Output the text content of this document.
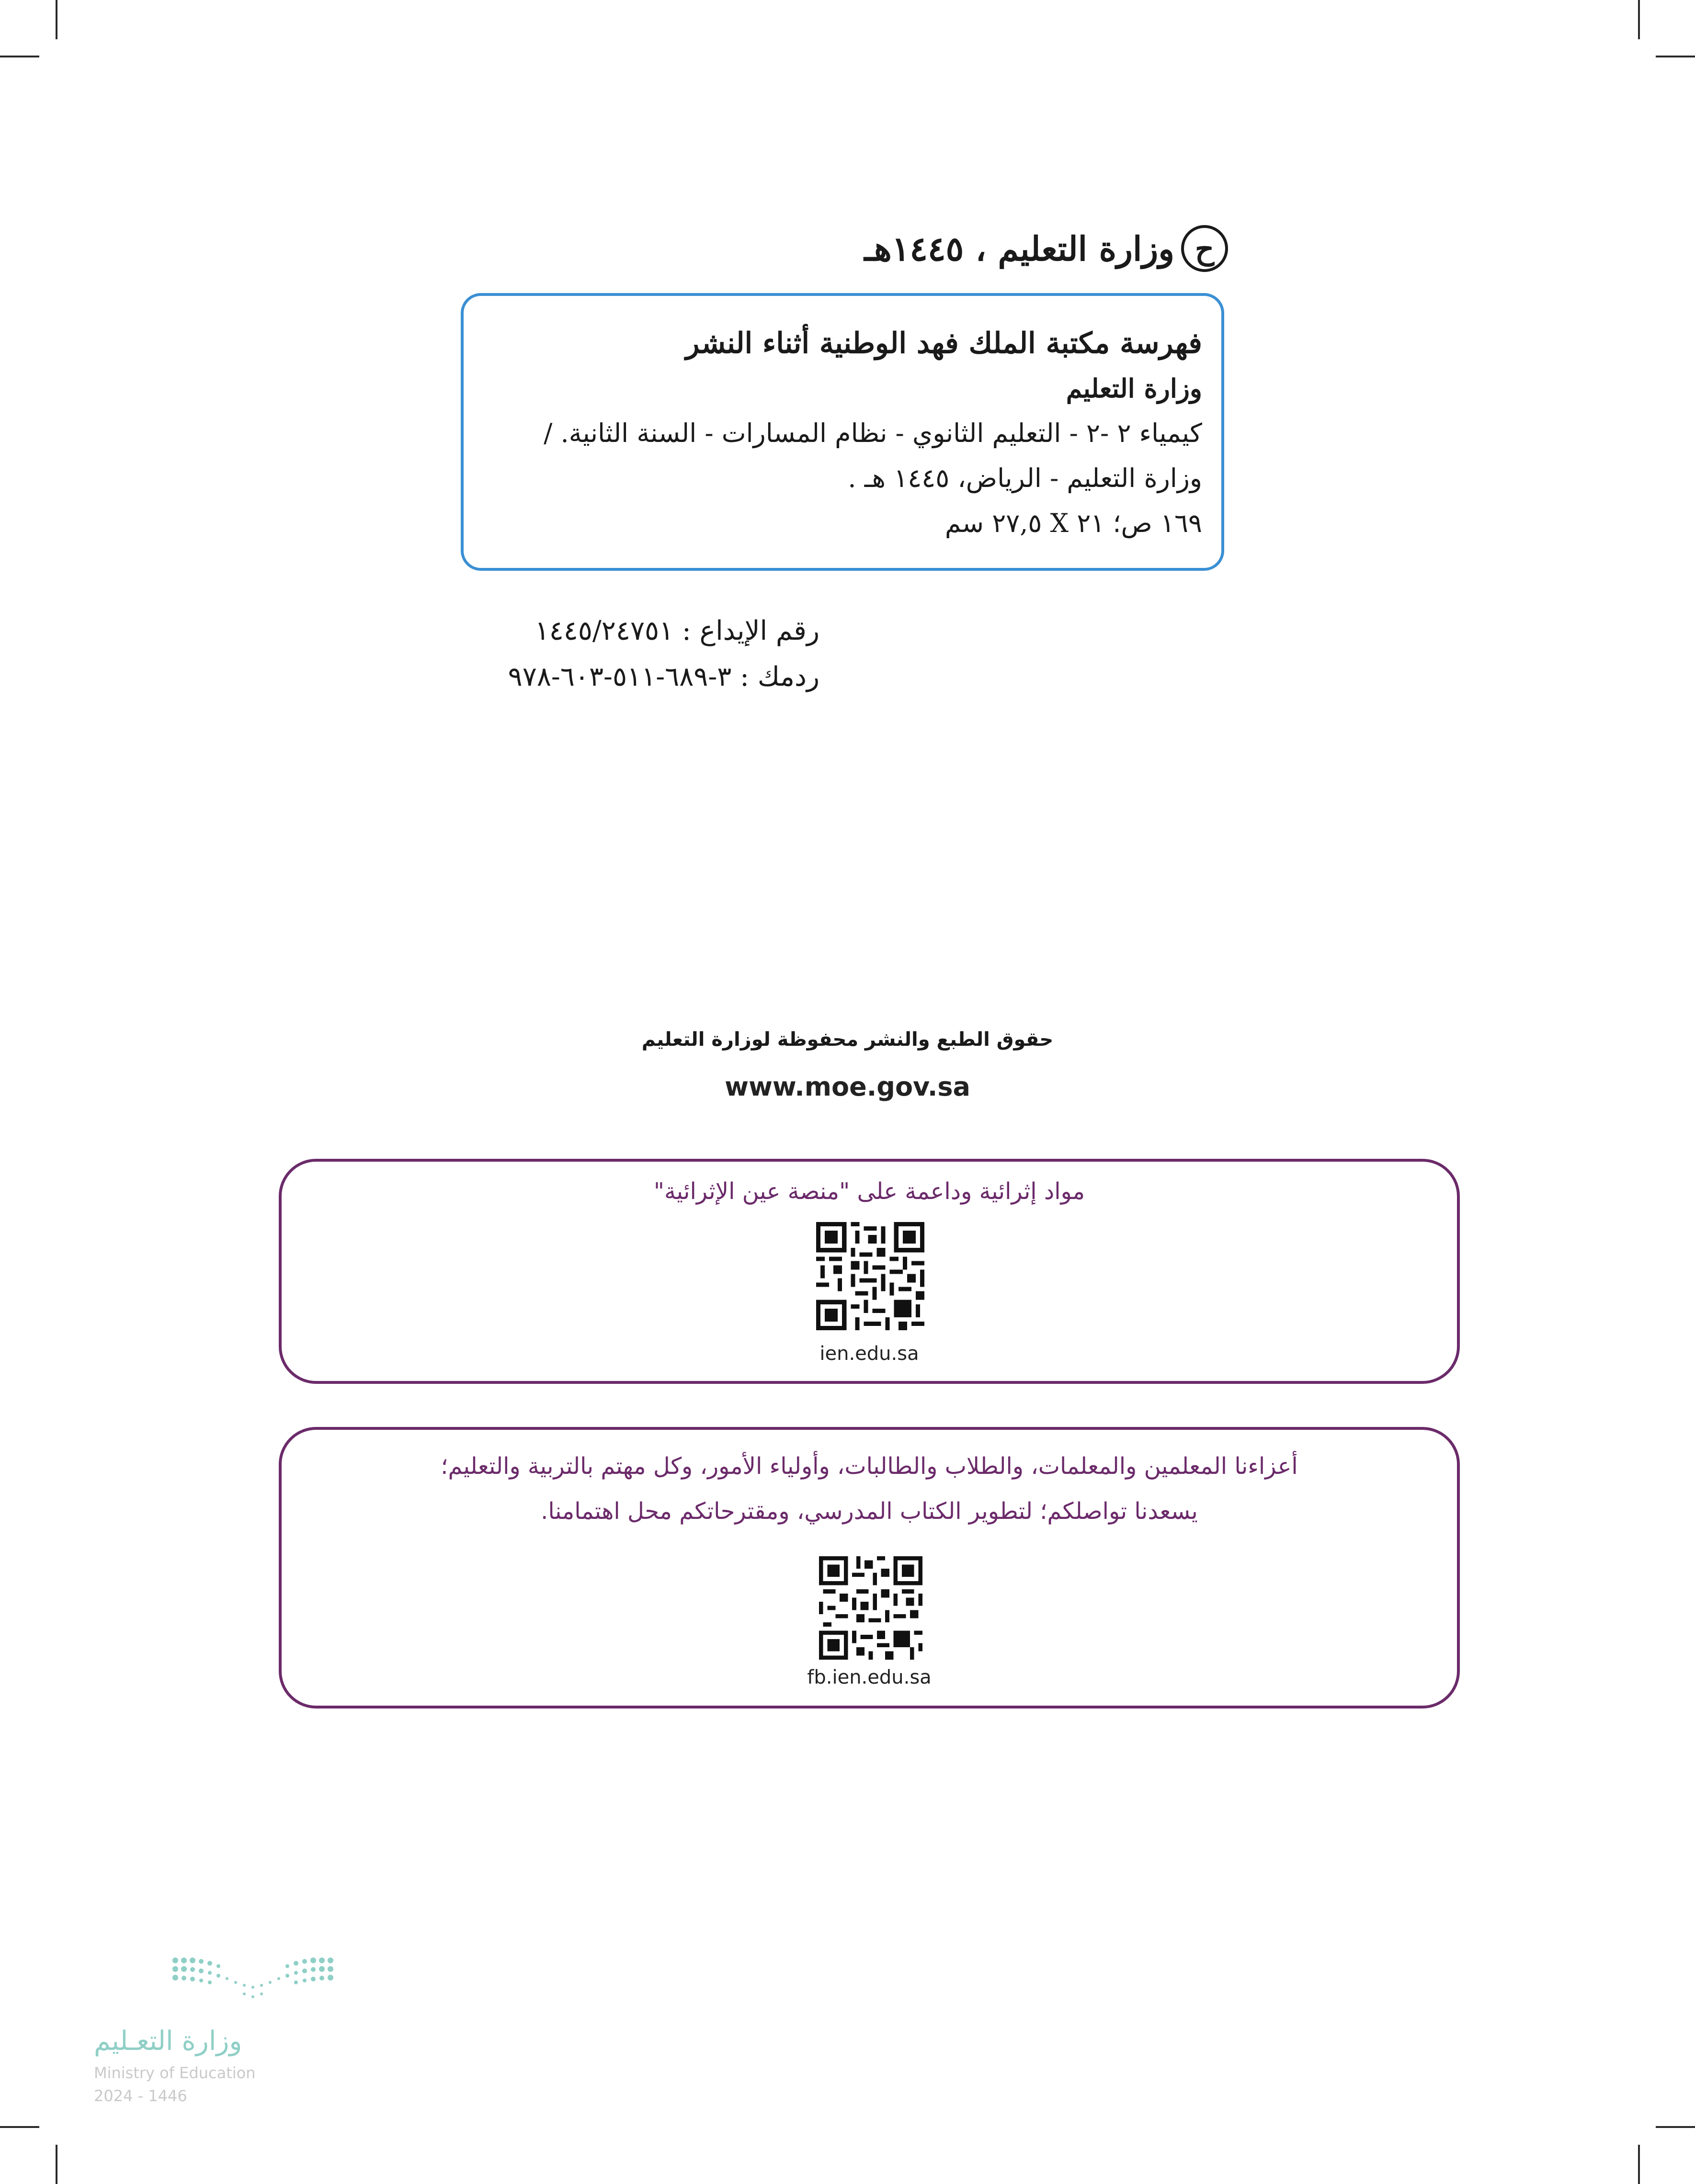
ح
وزارة التعليم ، ١٤٤٥هـ
فهرسة مكتبة الملك فهد الوطنية أثناء النشر
وزارة التعليم
كيمياء ٢ -٢ - التعليم الثانوي - نظام المسارات - السنة الثانية. /
وزارة التعليم - الرياض، ١٤٤٥ هـ .
١٦٩ ص؛ ٢١ X ٢٧,٥ سم
رقم الإيداع : ١٤٤٥/٢٤٧٥١
ردمك : ٣-٦٨٩-٥١١-٦٠٣-٩٧٨
حقوق الطبع والنشر محفوظة لوزارة التعليم
www.moe.gov.sa
مواد إثرائية وداعمة على "منصة عين الإثرائية"
ien.edu.sa
أعزاءنا المعلمين والمعلمات، والطلاب والطالبات، وأولياء الأمور، وكل مهتم بالتربية والتعليم؛
يسعدنا تواصلكم؛ لتطوير الكتاب المدرسي، ومقترحاتكم محل اهتمامنا.
fb.ien.edu.sa
وزارة التعـليم
Ministry of Education
2024 - 1446
